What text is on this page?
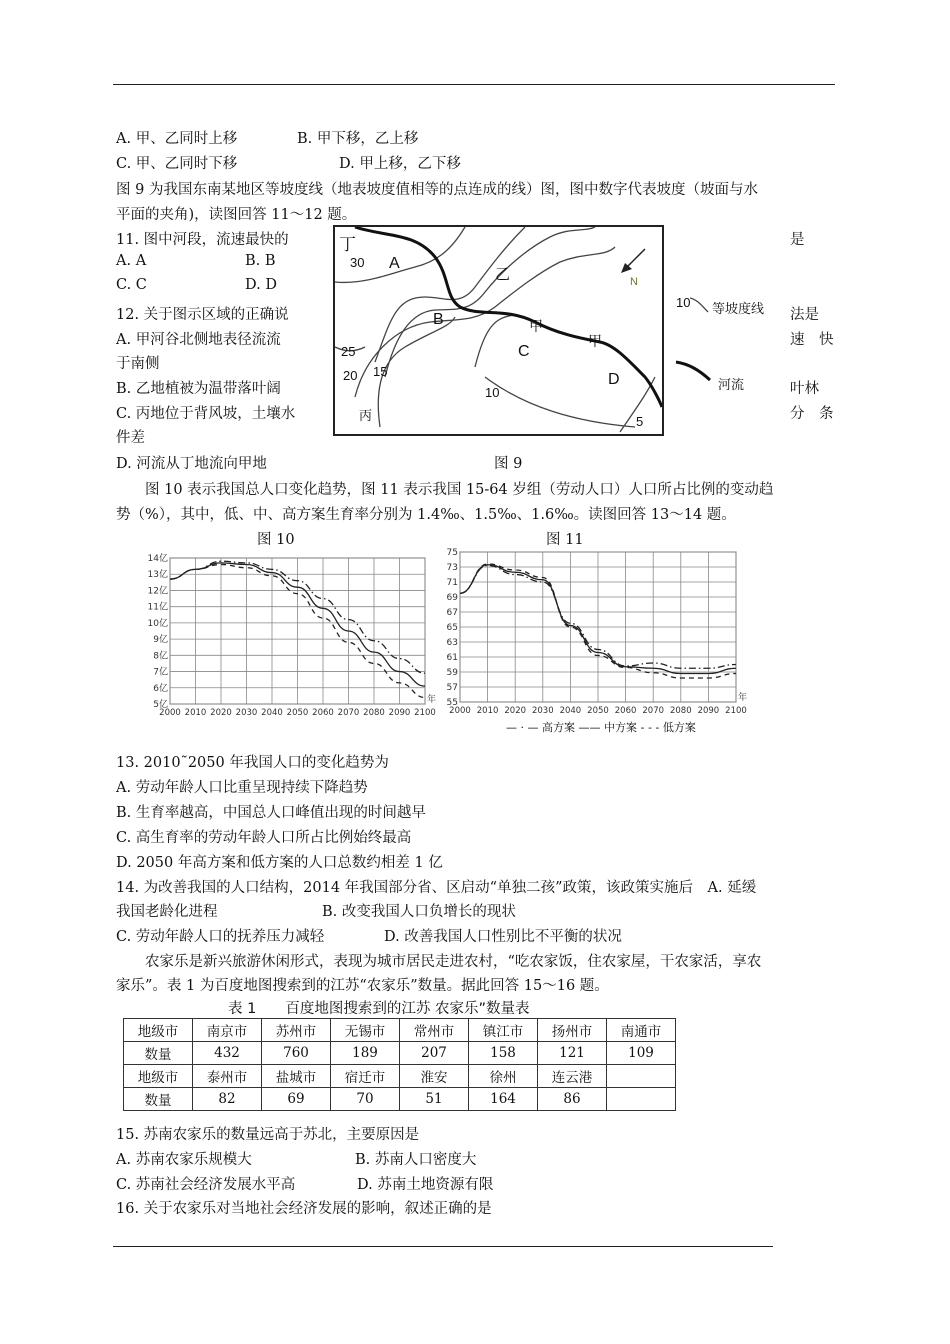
A. 甲、乙同时上移	B. 甲下移，乙上移
C. 甲、乙同时下移	D. 甲上移，乙下移
图 9 为我国东南某地区等坡度线（地表坡度值相等的点连成的线）图，图中数字代表坡度（坡面与水
平面的夹角)，读图回答 11～12 题。
11. 图中河段，流速最快的	是
A. A	B. B
C. C	D. D
12. 关于图示区域的正确说	法是
A. 甲河谷北侧地表径流流	速　快
于南侧
B. 乙地植被为温带落叶阔	叶林
C. 丙地位于背风坡，土壤水	分　条
件差
D. 河流从丁地流向甲地
丁
30 A
乙	N
B	甲
甲
C
25
20 15	D
10
丙	5
10 等坡度线
河流
图 9
图 10 表示我国总人口变化趋势，图 11 表示我国 15-64 岁组（劳动人口）人口所占比例的变动趋
势（%），其中，低、中、高方案生育率分别为 1.4‰、1.5‰、1.6‰。读图回答 13～14 题。
图 10	图 11
5亿
6亿
7亿
8亿
9亿
10亿
11亿
12亿
13亿
14亿
2000 2010 2020 2030 2040 2050 2060 2070 2080 2090 2100
年 55
57
59
61
63
65
67
69
71
73
75
2000 2010 2020 2030 2040 2050 2060 2070 2080 2090 2100
年
— · — 高方案 —— 中方案 - - - 低方案
13. 2010˜2050 年我国人口的变化趋势为
A. 劳动年龄人口比重呈现持续下降趋势
B. 生育率越高，中国总人口峰值出现的时间越早
C. 高生育率的劳动年龄人口所占比例始终最高
D. 2050 年高方案和低方案的人口总数约相差 1 亿
14. 为改善我国的人口结构，2014 年我国部分省、区启动“单独二孩”政策，该政策实施后　A. 延缓
我国老龄化进程	B. 改变我国人口负增长的现状
C. 劳动年龄人口的抚养压力减轻	D. 改善我国人口性别比不平衡的状况
农家乐是新兴旅游休闲形式，表现为城市居民走进农村，“吃农家饭，住农家屋，干农家活，享农
家乐”。表 1 为百度地图搜索到的江苏“农家乐”数量。据此回答 15～16 题。
表 1　　百度地图搜索到的江苏 农家乐”数量表
地级市	南京市	苏州市	无锡市	常州市	镇江市	扬州市	南通市
数量	432	760	189	207	158	121	109
地级市	泰州市	盐城市	宿迁市	淮安	徐州	连云港	
数量	82	69	70	51	164	86	
15. 苏南农家乐的数量远高于苏北，主要原因是
A. 苏南农家乐规模大	B. 苏南人口密度大
C. 苏南社会经济发展水平高	D. 苏南土地资源有限
16. 关于农家乐对当地社会经济发展的影响，叙述正确的是
